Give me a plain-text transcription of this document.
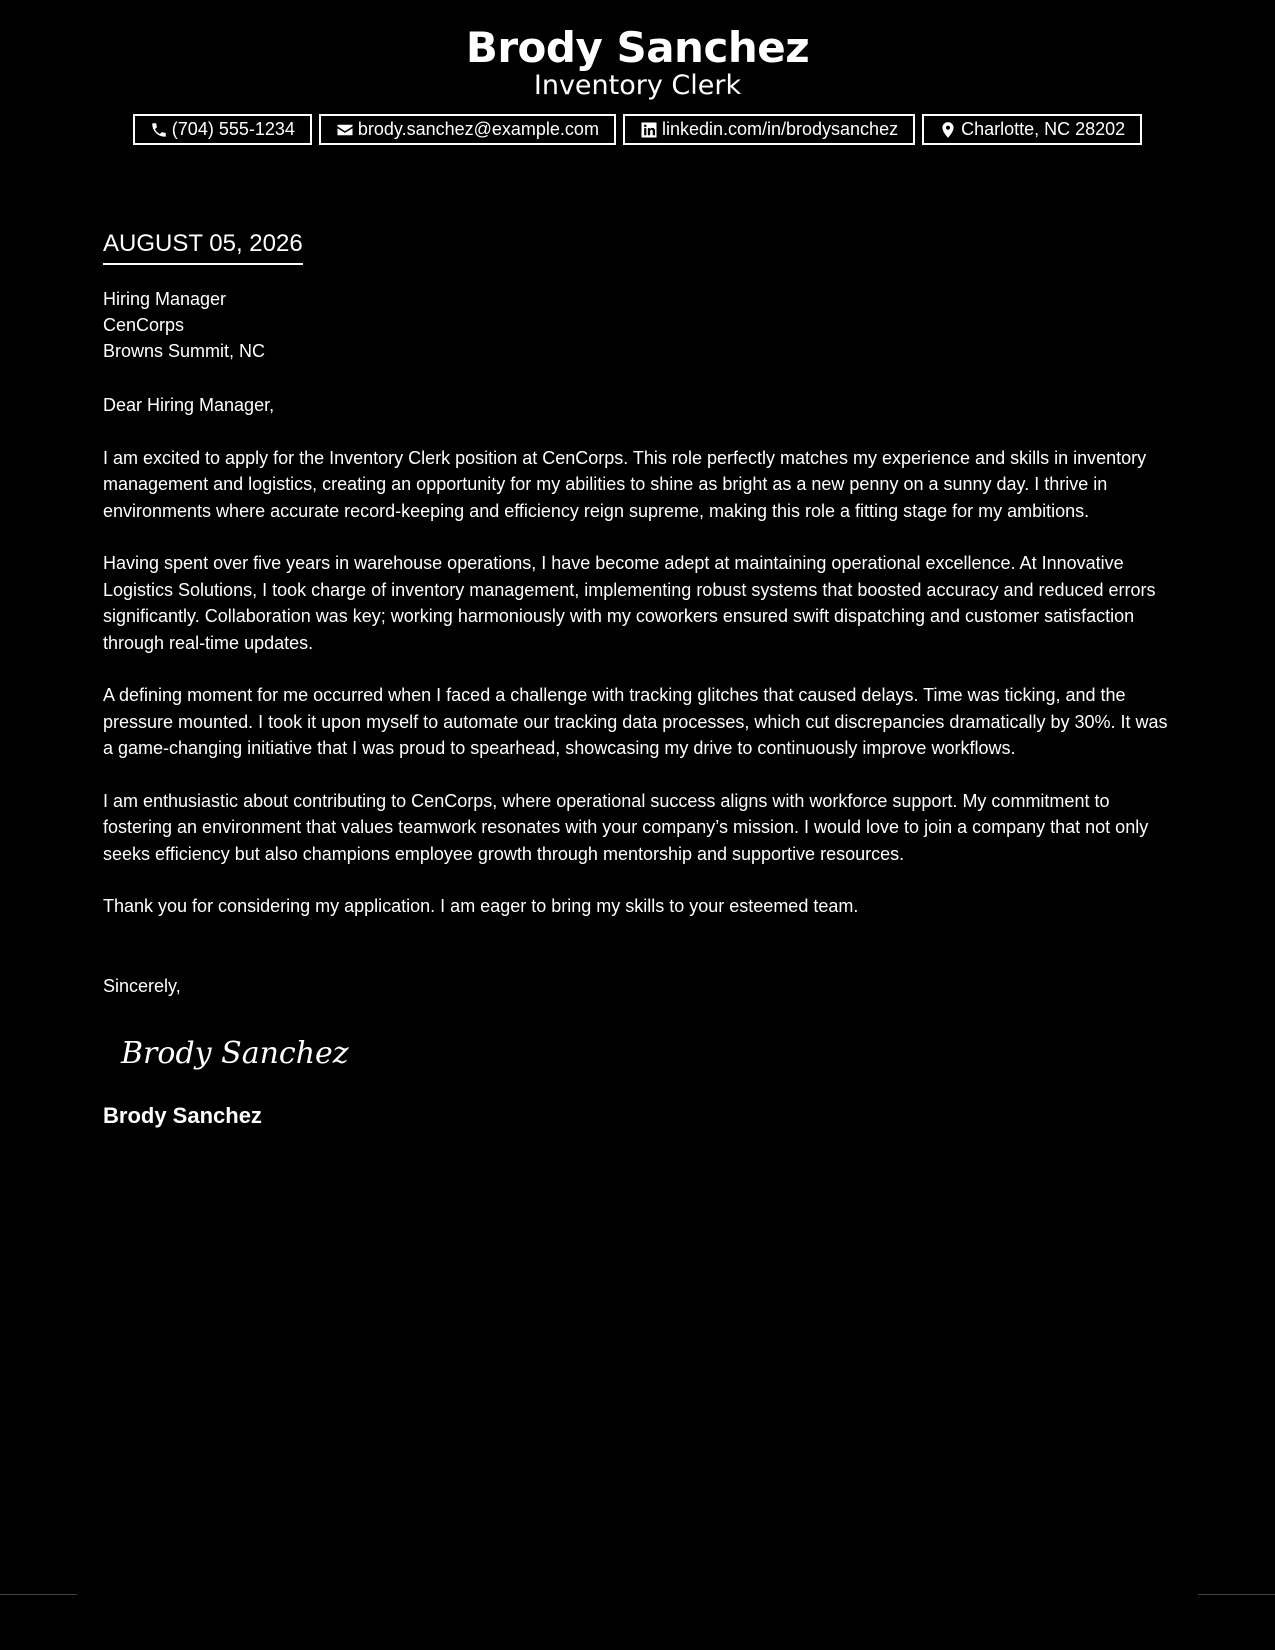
Brody Sanchez
Inventory Clerk
(704) 555-1234	brody.sanchez@example.com	linkedin.com/in/brodysanchez	Charlotte, NC 28202
AUGUST 05, 2026
Hiring Manager
CenCorps
Browns Summit, NC
Dear Hiring Manager,

I am excited to apply for the Inventory Clerk position at CenCorps. This role perfectly matches my experience and skills in inventory management and logistics, creating an opportunity for my abilities to shine as bright as a new penny on a sunny day. I thrive in environments where accurate record-keeping and efficiency reign supreme, making this role a fitting stage for my ambitions.

Having spent over five years in warehouse operations, I have become adept at maintaining operational excellence. At Innovative Logistics Solutions, I took charge of inventory management, implementing robust systems that boosted accuracy and reduced errors significantly. Collaboration was key; working harmoniously with my coworkers ensured swift dispatching and customer satisfaction through real-time updates.

A defining moment for me occurred when I faced a challenge with tracking glitches that caused delays. Time was ticking, and the pressure mounted. I took it upon myself to automate our tracking data processes, which cut discrepancies dramatically by 30%. It was a game-changing initiative that I was proud to spearhead, showcasing my drive to continuously improve workflows.

I am enthusiastic about contributing to CenCorps, where operational success aligns with workforce support. My commitment to fostering an environment that values teamwork resonates with your company’s mission. I would love to join a company that not only seeks efficiency but also champions employee growth through mentorship and supportive resources.

Thank you for considering my application. I am eager to bring my skills to your esteemed team.

Sincerely,
Brody Sanchez
Brody Sanchez
